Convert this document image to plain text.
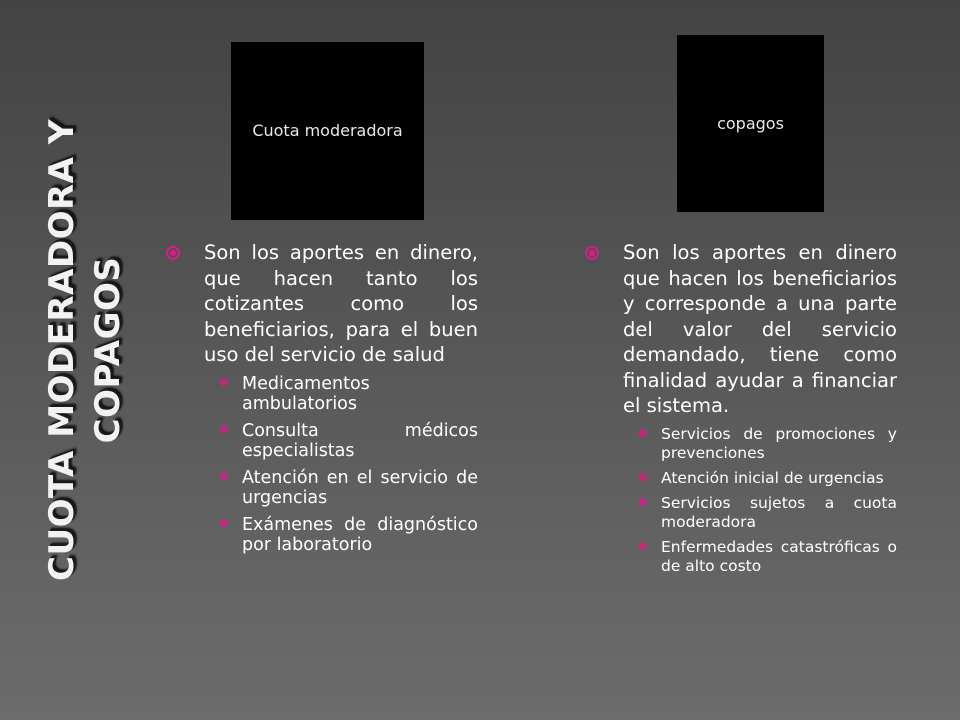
CUOTA MODERADORA Y COPAGOS
Cuota moderadora	copagos
Son los aportes en dinero, que hacen tanto los cotizantes como los beneficiarios, para el buen uso del servicio de salud
❖ Medicamentos ambulatorios
❖ Consulta médicos especialistas
❖ Atención en el servicio de urgencias
❖ Exámenes de diagnóstico por laboratorio
Son los aportes en dinero que hacen los beneficiarios y corresponde a una parte del valor del servicio demandado, tiene como finalidad ayudar a financiar el sistema.
❖ Servicios de promociones y prevenciones
❖ Atención inicial de urgencias
❖ Servicios sujetos a cuota moderadora
❖ Enfermedades catastróficas o de alto costo
